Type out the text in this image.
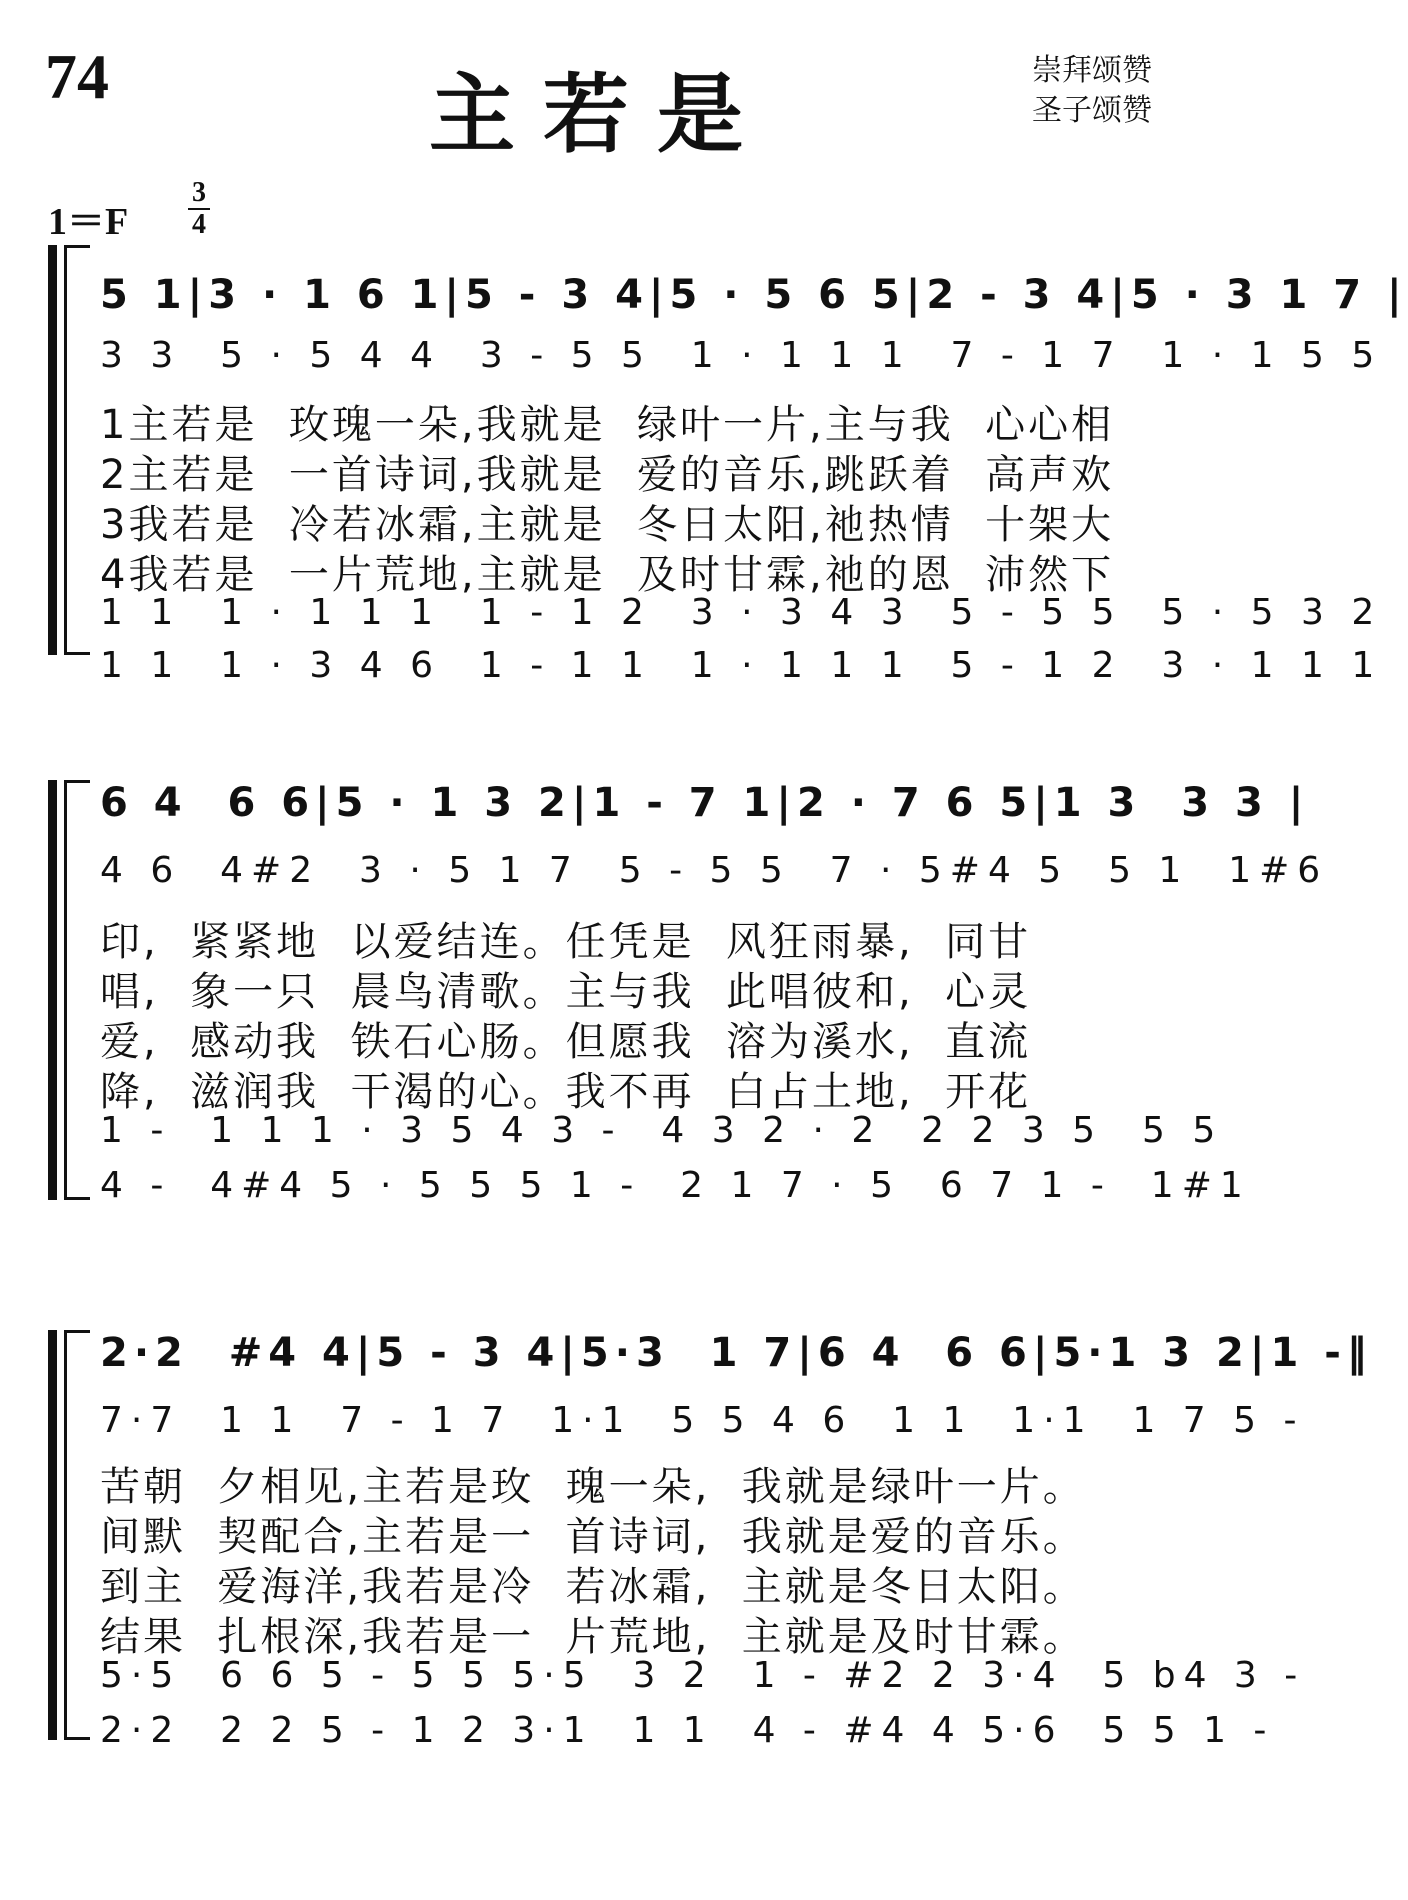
74	主若是	崇拜颂赞
圣子颂赞
1＝F
3
4
5 1|3 · 1 6 1|5 - 3 4|5 · 5 6 5|2 - 3 4|5 · 3 1 7 |
3 3  5 · 5 4 4  3 - 5 5  1 · 1 1 1  7 - 1 7  1 · 1 5 5
1主若是  玫瑰一朵,我就是  绿叶一片,主与我  心心相
2主若是  一首诗词,我就是  爱的音乐,跳跃着  高声欢
3我若是  冷若冰霜,主就是  冬日太阳,祂热情  十架大
4我若是  一片荒地,主就是  及时甘霖,祂的恩  沛然下
1 1  1 · 1 1 1  1 - 1 2  3 · 3 4 3  5 - 5 5  5 · 5 3 2
1 1  1 · 3 4 6  1 - 1 1  1 · 1 1 1  5 - 1 2  3 · 1 1 1
6 4  6 6|5 · 1 3 2|1 - 7 1|2 · 7 6 5|1 3  3 3 |
4 6  4#2  3 · 5 1 7  5 - 5 5  7 · 5#4 5  5 1  1#6
印,  紧紧地  以爱结连。任凭是  风狂雨暴,  同甘
唱,  象一只  晨鸟清歌。主与我  此唱彼和,  心灵
爱,  感动我  铁石心肠。但愿我  溶为溪水,  直流
降,  滋润我  干渴的心。我不再  白占土地,  开花
1 -  1 1 1 · 3 5 4 3 -  4 3 2 · 2  2 2 3 5  5 5
4 -  4#4 5 · 5 5 5 1 -  2 1 7 · 5  6 7 1 -  1#1
2·2  #4 4|5 - 3 4|5·3  1 7|6 4  6 6|5·1 3 2|1 -‖
7·7  1 1  7 - 1 7  1·1  5 5 4 6  1 1  1·1  1 7 5 -
苦朝  夕相见,主若是玫  瑰一朵,  我就是绿叶一片。
间默  契配合,主若是一  首诗词,  我就是爱的音乐。
到主  爱海洋,我若是冷  若冰霜,  主就是冬日太阳。
结果  扎根深,我若是一  片荒地,  主就是及时甘霖。
5·5  6 6 5 - 5 5 5·5  3 2  1 - #2 2 3·4  5 b4 3 -
2·2  2 2 5 - 1 2 3·1  1 1  4 - #4 4 5·6  5 5 1 -
